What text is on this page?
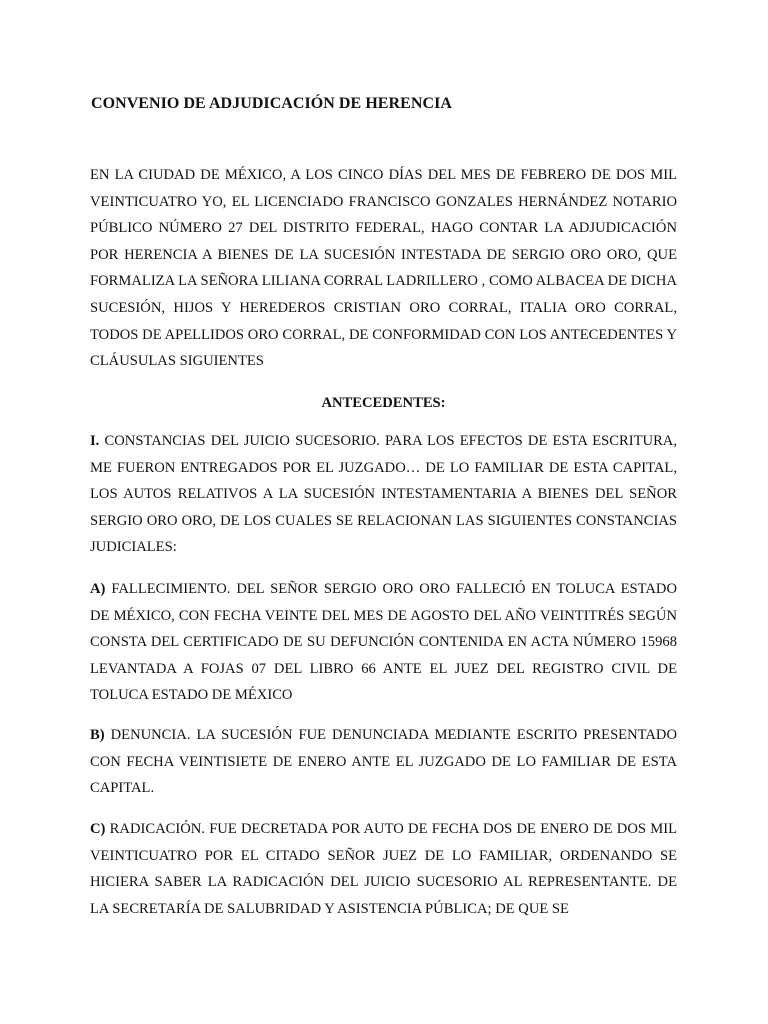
CONVENIO DE ADJUDICACIÓN DE HERENCIA

EN LA CIUDAD DE MÉXICO, A LOS CINCO DÍAS DEL MES DE FEBRERO DE DOS MIL VEINTICUATRO YO, EL LICENCIADO FRANCISCO GONZALES HERNÁNDEZ NOTARIO PÚBLICO NÚMERO 27 DEL DISTRITO FEDERAL, HAGO CONTAR LA ADJUDICACIÓN POR HERENCIA A BIENES DE LA SUCESIÓN INTESTADA DE SERGIO ORO ORO, QUE FORMALIZA LA SEÑORA LILIANA CORRAL LADRILLERO , COMO ALBACEA DE DICHA SUCESIÓN, HIJOS Y HEREDEROS CRISTIAN ORO CORRAL, ITALIA ORO CORRAL, TODOS DE APELLIDOS ORO CORRAL, DE CONFORMIDAD CON LOS ANTECEDENTES Y CLÁUSULAS SIGUIENTES

ANTECEDENTES:

I. CONSTANCIAS DEL JUICIO SUCESORIO. PARA LOS EFECTOS DE ESTA ESCRITURA, ME FUERON ENTREGADOS POR EL JUZGADO… DE LO FAMILIAR DE ESTA CAPITAL, LOS AUTOS RELATIVOS A LA SUCESIÓN INTESTAMENTARIA A BIENES DEL SEÑOR SERGIO ORO ORO, DE LOS CUALES SE RELACIONAN LAS SIGUIENTES CONSTANCIAS JUDICIALES:

A) FALLECIMIENTO. DEL SEÑOR SERGIO ORO ORO FALLECIÓ EN TOLUCA ESTADO DE MÉXICO, CON FECHA VEINTE DEL MES DE AGOSTO DEL AÑO VEINTITRÉS SEGÚN CONSTA DEL CERTIFICADO DE SU DEFUNCIÓN CONTENIDA EN ACTA NÚMERO 15968 LEVANTADA A FOJAS 07 DEL LIBRO 66 ANTE EL JUEZ DEL REGISTRO CIVIL DE TOLUCA ESTADO DE MÉXICO

B) DENUNCIA. LA SUCESIÓN FUE DENUNCIADA MEDIANTE ESCRITO PRESENTADO CON FECHA VEINTISIETE DE ENERO ANTE EL JUZGADO DE LO FAMILIAR DE ESTA CAPITAL.

C) RADICACIÓN. FUE DECRETADA POR AUTO DE FECHA DOS DE ENERO DE DOS MIL VEINTICUATRO POR EL CITADO SEÑOR JUEZ DE LO FAMILIAR, ORDENANDO SE HICIERA SABER LA RADICACIÓN DEL JUICIO SUCESORIO AL REPRESENTANTE. DE LA SECRETARÍA DE SALUBRIDAD Y ASISTENCIA PÚBLICA; DE QUE SE
